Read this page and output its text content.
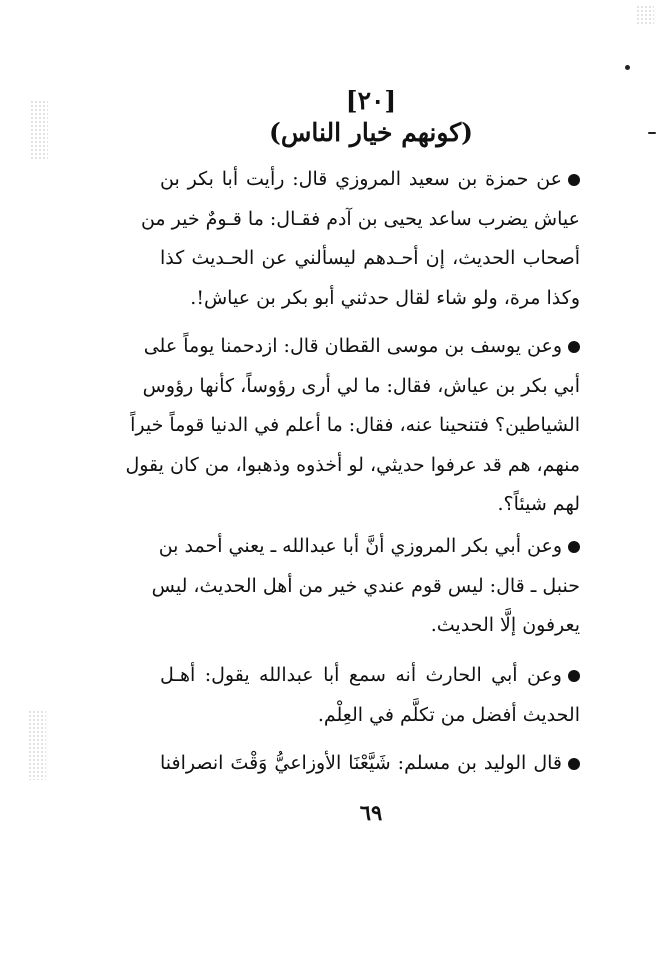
[٢٠]
(كونهم خيار الناس)
عن حمزة بن سعيد المروزي قال: رأيت أبا بكر بن
عياش يضرب ساعد يحيى بن آدم فقـال: ما قـومٌ خير من
أصحاب الحديث، إن أحـدهم ليسألني عن الحـديث كذا
وكذا مرة، ولو شاء لقال حدثني أبو بكر بن عياش!.
وعن يوسف بن موسى القطان قال: ازدحمنا يوماً على
أبي بكر بن عياش، فقال: ما لي أرى رؤوساً، كأنها رؤوس
الشياطين؟ فتنحينا عنه، فقال: ما أعلم في الدنيا قوماً خيراً
منهم، هم قد عرفوا حديثي، لو أخذوه وذهبوا، من كان يقول
لهم شيئاً؟.
وعن أبي بكر المروزي أنَّ أبا عبدالله ـ يعني أحمد بن
حنبل ـ قال: ليس قوم عندي خير من أهل الحديث، ليس
يعرفون إلَّا الحديث.
وعن أبي الحارث أنه سمع أبا عبدالله يقول: أهـل
الحديث أفضل من تكلَّم في العِلْم.
قال الوليد بن مسلم: شَيَّعْنَا الأوزاعيُّ وَقْتَ انصرافنا
٦٩
